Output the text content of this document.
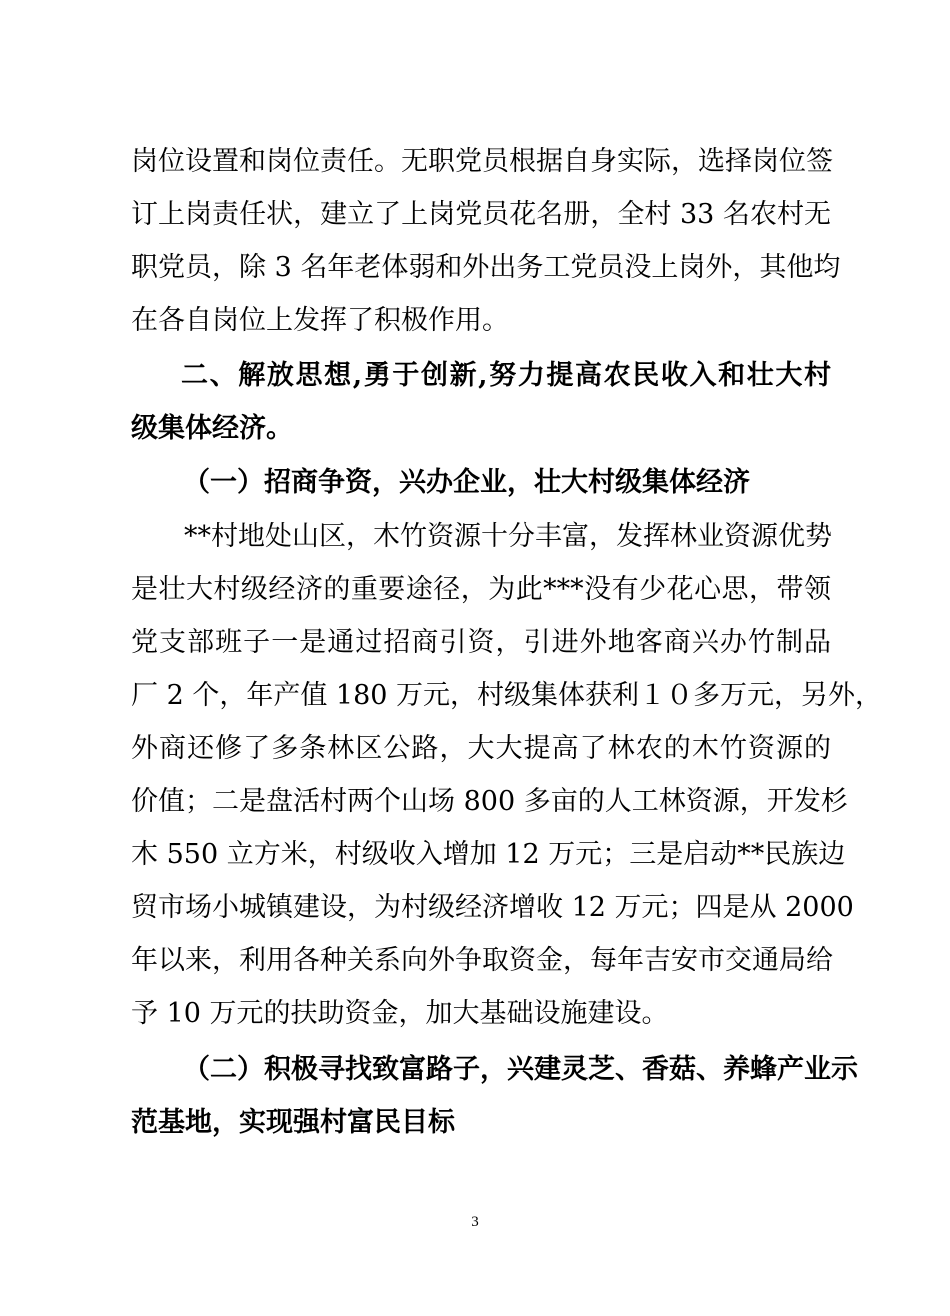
岗位设置和岗位责任。无职党员根据自身实际，选择岗位签
订上岗责任状，建立了上岗党员花名册，全村 33 名农村无
职党员，除 3 名年老体弱和外出务工党员没上岗外，其他均
在各自岗位上发挥了积极作用。
二、解放思想,勇于创新,努力提高农民收入和壮大村
级集体经济。
（一）招商争资，兴办企业，壮大村级集体经济
**村地处山区，木竹资源十分丰富，发挥林业资源优势
是壮大村级经济的重要途径，为此***没有少花心思，带领
党支部班子一是通过招商引资，引进外地客商兴办竹制品
厂 2 个，年产值 180 万元，村级集体获利１０多万元，另外，
外商还修了多条林区公路，大大提高了林农的木竹资源的
价值；二是盘活村两个山场 800 多亩的人工林资源，开发杉
木 550 立方米，村级收入增加 12 万元；三是启动**民族边
贸市场小城镇建设，为村级经济增收 12 万元；四是从 2000
年以来，利用各种关系向外争取资金，每年吉安市交通局给
予 10 万元的扶助资金，加大基础设施建设。
（二）积极寻找致富路子，兴建灵芝、香菇、养蜂产业示
范基地，实现强村富民目标
3
